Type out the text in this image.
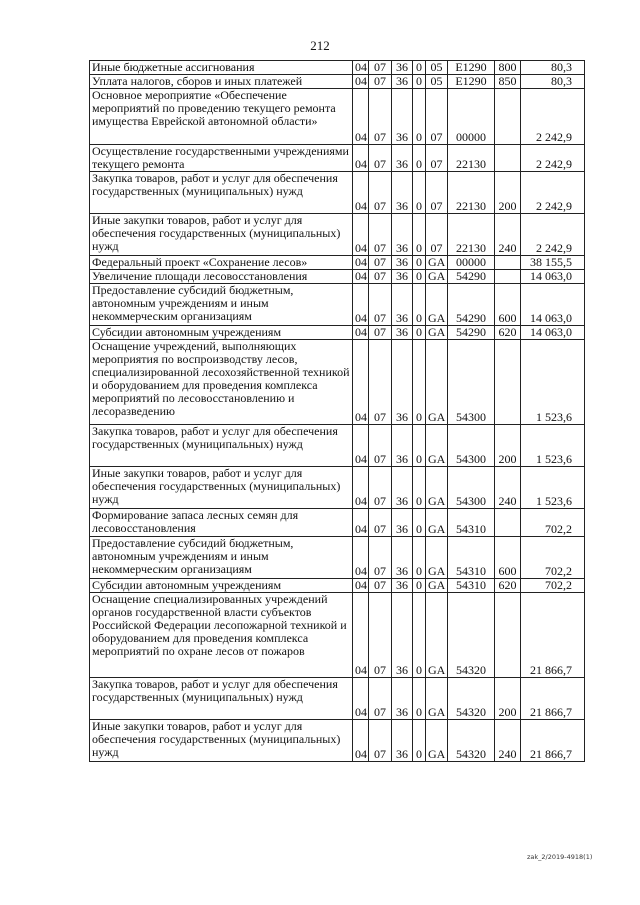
212
Иные бюджетные ассигнования	04	07	36	0	05	Е1290	800	80,3

Уплата налогов, сборов и иных платежей	04	07	36	0	05	Е1290	850	80,3

Основное мероприятие «Обеспечение мероприятий по проведению текущего ремонта имущества Еврейской автономной области»	04	07	36	0	07	00000		2 242,9

Осуществление государственными учреждениями текущего ремонта	04	07	36	0	07	22130		2 242,9

Закупка товаров, работ и услуг для обеспечения государственных (муниципальных) нужд	04	07	36	0	07	22130	200	2 242,9

Иные закупки товаров, работ и услуг для обеспечения государственных (муниципальных) нужд	04	07	36	0	07	22130	240	2 242,9

Федеральный проект «Сохранение лесов»	04	07	36	0	GA	00000		38 155,5

Увеличение площади лесовосстановления	04	07	36	0	GA	54290		14 063,0

Предоставление субсидий бюджетным, автономным учреждениям и иным некоммерческим организациям	04	07	36	0	GA	54290	600	14 063,0

Субсидии автономным учреждениям	04	07	36	0	GA	54290	620	14 063,0

Оснащение учреждений, выполняющих мероприятия по воспроизводству лесов, специализированной лесохозяйственной техникой и оборудованием для проведения комплекса мероприятий по лесовосстановлению и лесоразведению	04	07	36	0	GA	54300		1 523,6

Закупка товаров, работ и услуг для обеспечения государственных (муниципальных) нужд	04	07	36	0	GA	54300	200	1 523,6

Иные закупки товаров, работ и услуг для обеспечения государственных (муниципальных) нужд	04	07	36	0	GA	54300	240	1 523,6

Формирование запаса лесных семян для лесовосстановления	04	07	36	0	GA	54310		702,2

Предоставление субсидий бюджетным, автономным учреждениям и иным некоммерческим организациям	04	07	36	0	GA	54310	600	702,2

Субсидии автономным учреждениям	04	07	36	0	GA	54310	620	702,2

Оснащение специализированных учреждений органов государственной власти субъектов Российской Федерации лесопожарной техникой и оборудованием для проведения комплекса мероприятий по охране лесов от пожаров	04	07	36	0	GA	54320		21 866,7

Закупка товаров, работ и услуг для обеспечения государственных (муниципальных) нужд	04	07	36	0	GA	54320	200	21 866,7

Иные закупки товаров, работ и услуг для обеспечения государственных (муниципальных) нужд	04	07	36	0	GA	54320	240	21 866,7
zak_2/2019-4918(1)
